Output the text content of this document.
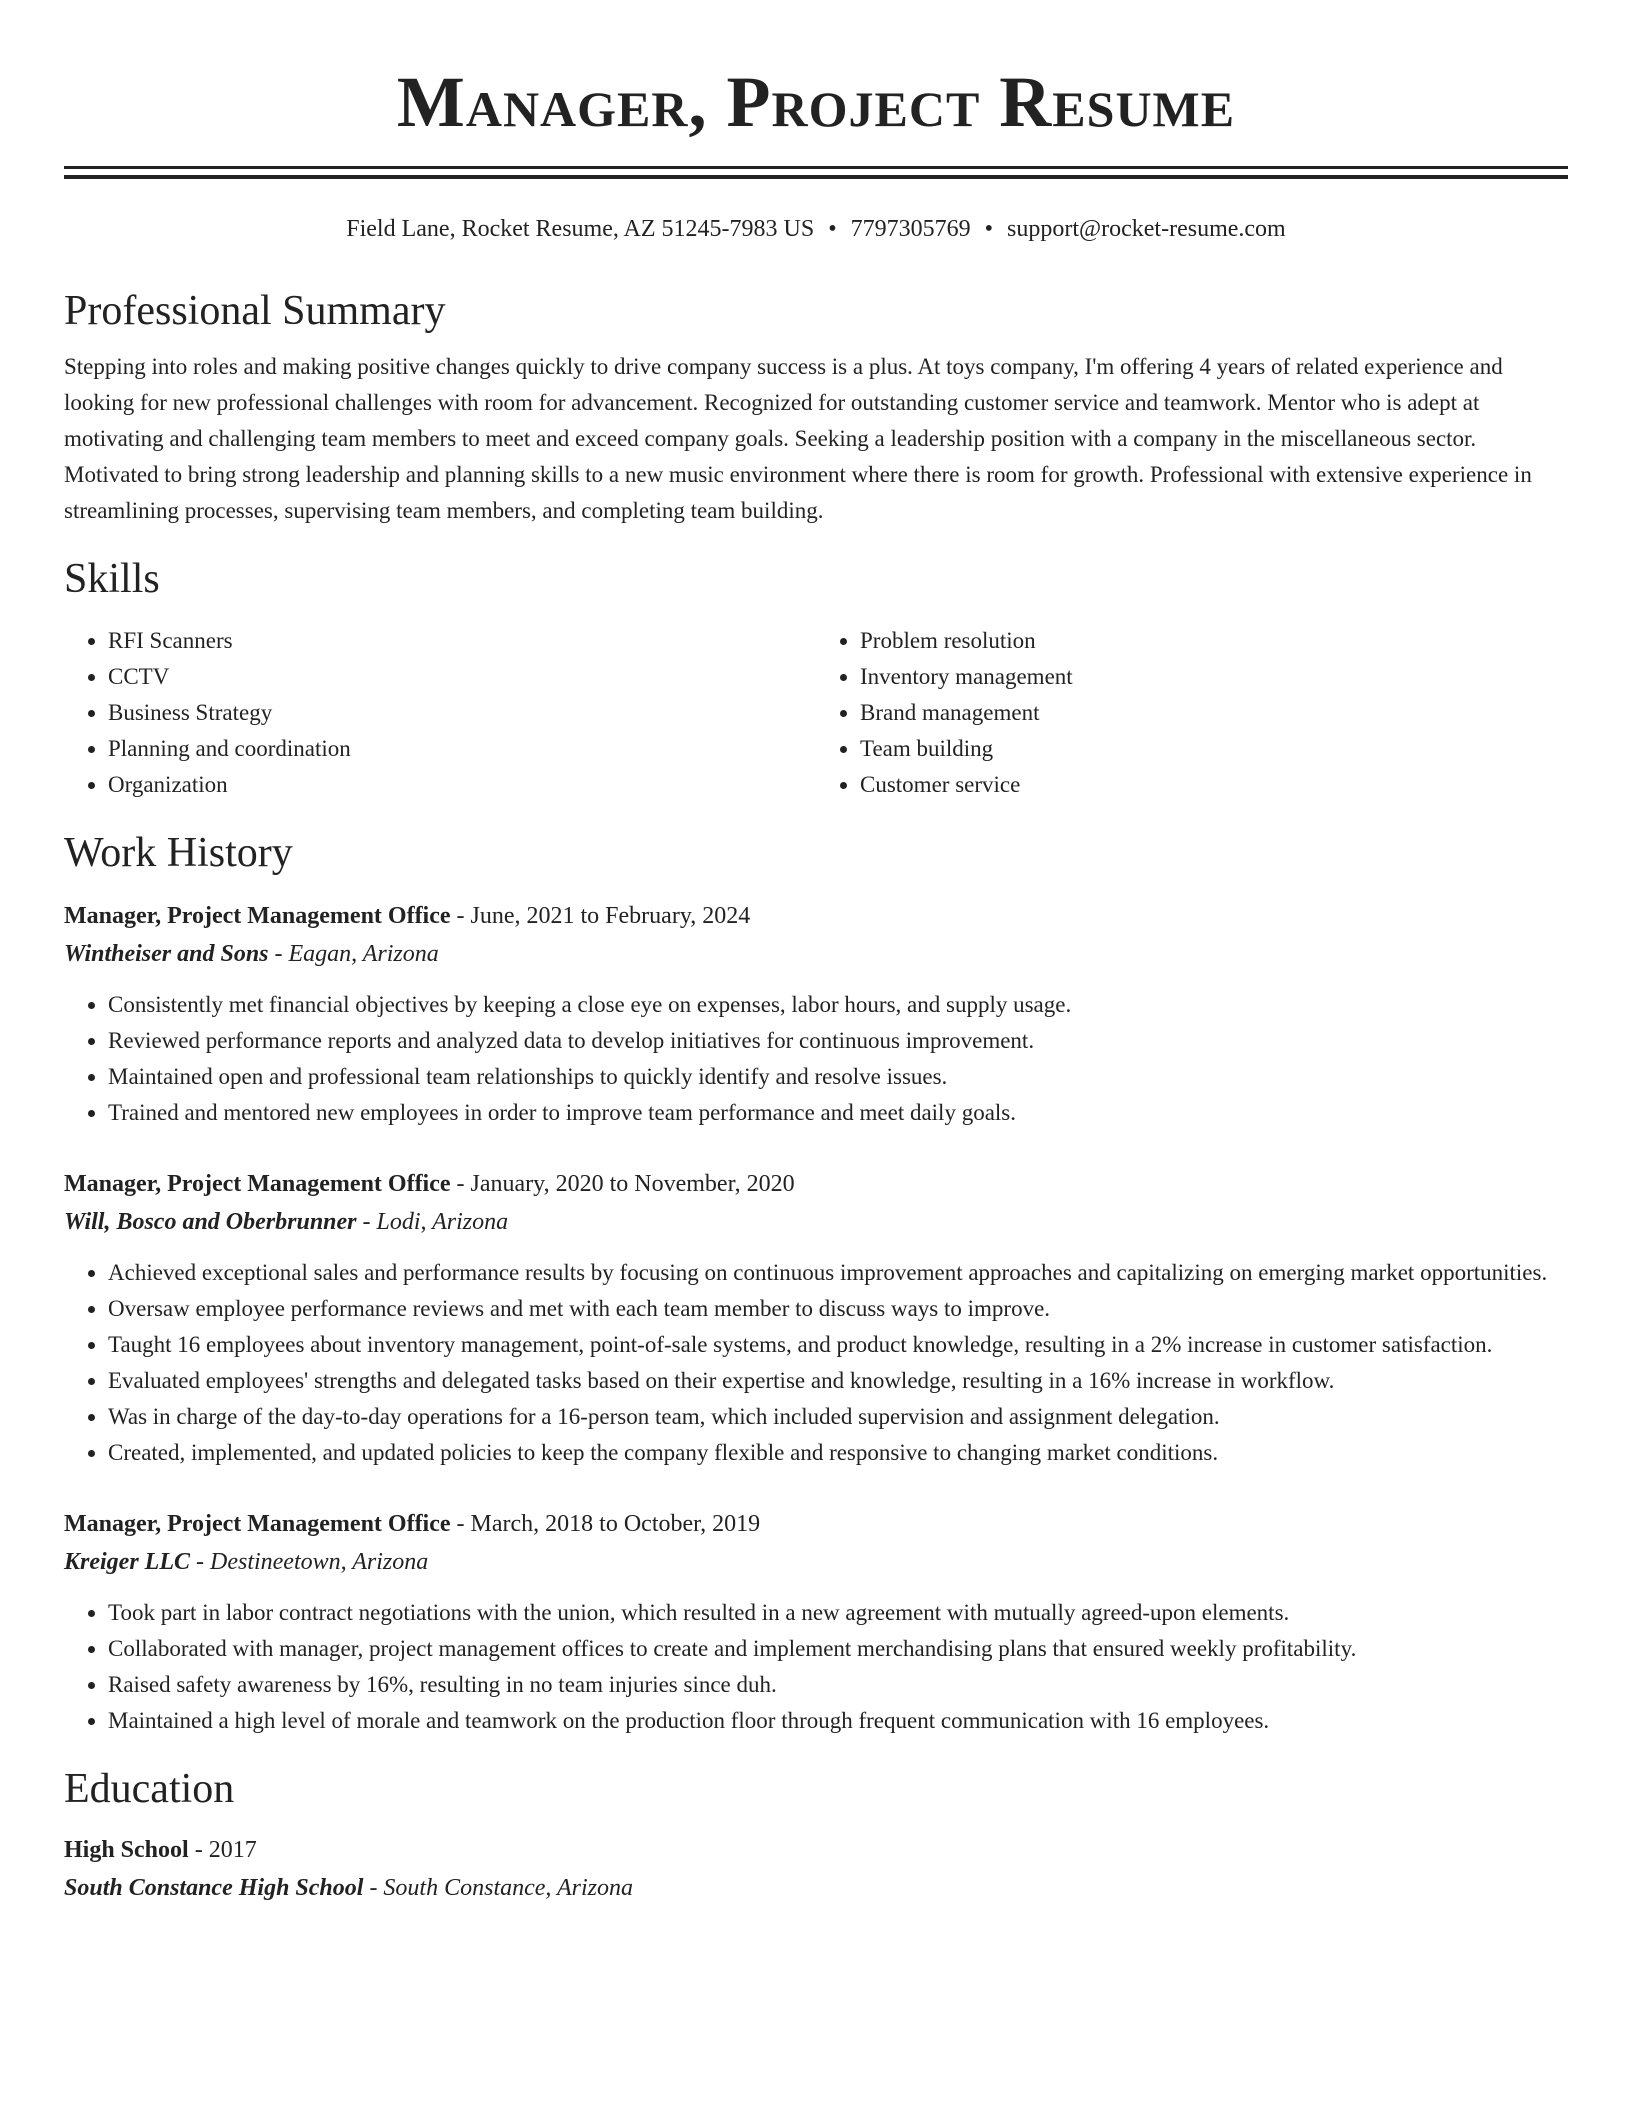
Manager, Project Resume
Field Lane, Rocket Resume, AZ 51245-7983 US • 7797305769 • support@rocket-resume.com
Professional Summary

Stepping into roles and making positive changes quickly to drive company success is a plus. At toys company, I'm offering 4 years of related experience and looking for new professional challenges with room for advancement. Recognized for outstanding customer service and teamwork. Mentor who is adept at motivating and challenging team members to meet and exceed company goals. Seeking a leadership position with a company in the miscellaneous sector. Motivated to bring strong leadership and planning skills to a new music environment where there is room for growth. Professional with extensive experience in streamlining processes, supervising team members, and completing team building.

Skills
• RFI Scanners
• CCTV
• Business Strategy
• Planning and coordination
• Organization
• Problem resolution
• Inventory management
• Brand management
• Team building
• Customer service
Work History
Manager, Project Management Office - June, 2021 to February, 2024
Wintheiser and Sons - Eagan, Arizona
• Consistently met financial objectives by keeping a close eye on expenses, labor hours, and supply usage.
• Reviewed performance reports and analyzed data to develop initiatives for continuous improvement.
• Maintained open and professional team relationships to quickly identify and resolve issues.
• Trained and mentored new employees in order to improve team performance and meet daily goals.
Manager, Project Management Office - January, 2020 to November, 2020
Will, Bosco and Oberbrunner - Lodi, Arizona
• Achieved exceptional sales and performance results by focusing on continuous improvement approaches and capitalizing on emerging market opportunities.
• Oversaw employee performance reviews and met with each team member to discuss ways to improve.
• Taught 16 employees about inventory management, point-of-sale systems, and product knowledge, resulting in a 2% increase in customer satisfaction.
• Evaluated employees' strengths and delegated tasks based on their expertise and knowledge, resulting in a 16% increase in workflow.
• Was in charge of the day-to-day operations for a 16-person team, which included supervision and assignment delegation.
• Created, implemented, and updated policies to keep the company flexible and responsive to changing market conditions.
Manager, Project Management Office - March, 2018 to October, 2019
Kreiger LLC - Destineetown, Arizona
• Took part in labor contract negotiations with the union, which resulted in a new agreement with mutually agreed-upon elements.
• Collaborated with manager, project management offices to create and implement merchandising plans that ensured weekly profitability.
• Raised safety awareness by 16%, resulting in no team injuries since duh.
• Maintained a high level of morale and teamwork on the production floor through frequent communication with 16 employees.
Education
High School - 2017
South Constance High School - South Constance, Arizona
